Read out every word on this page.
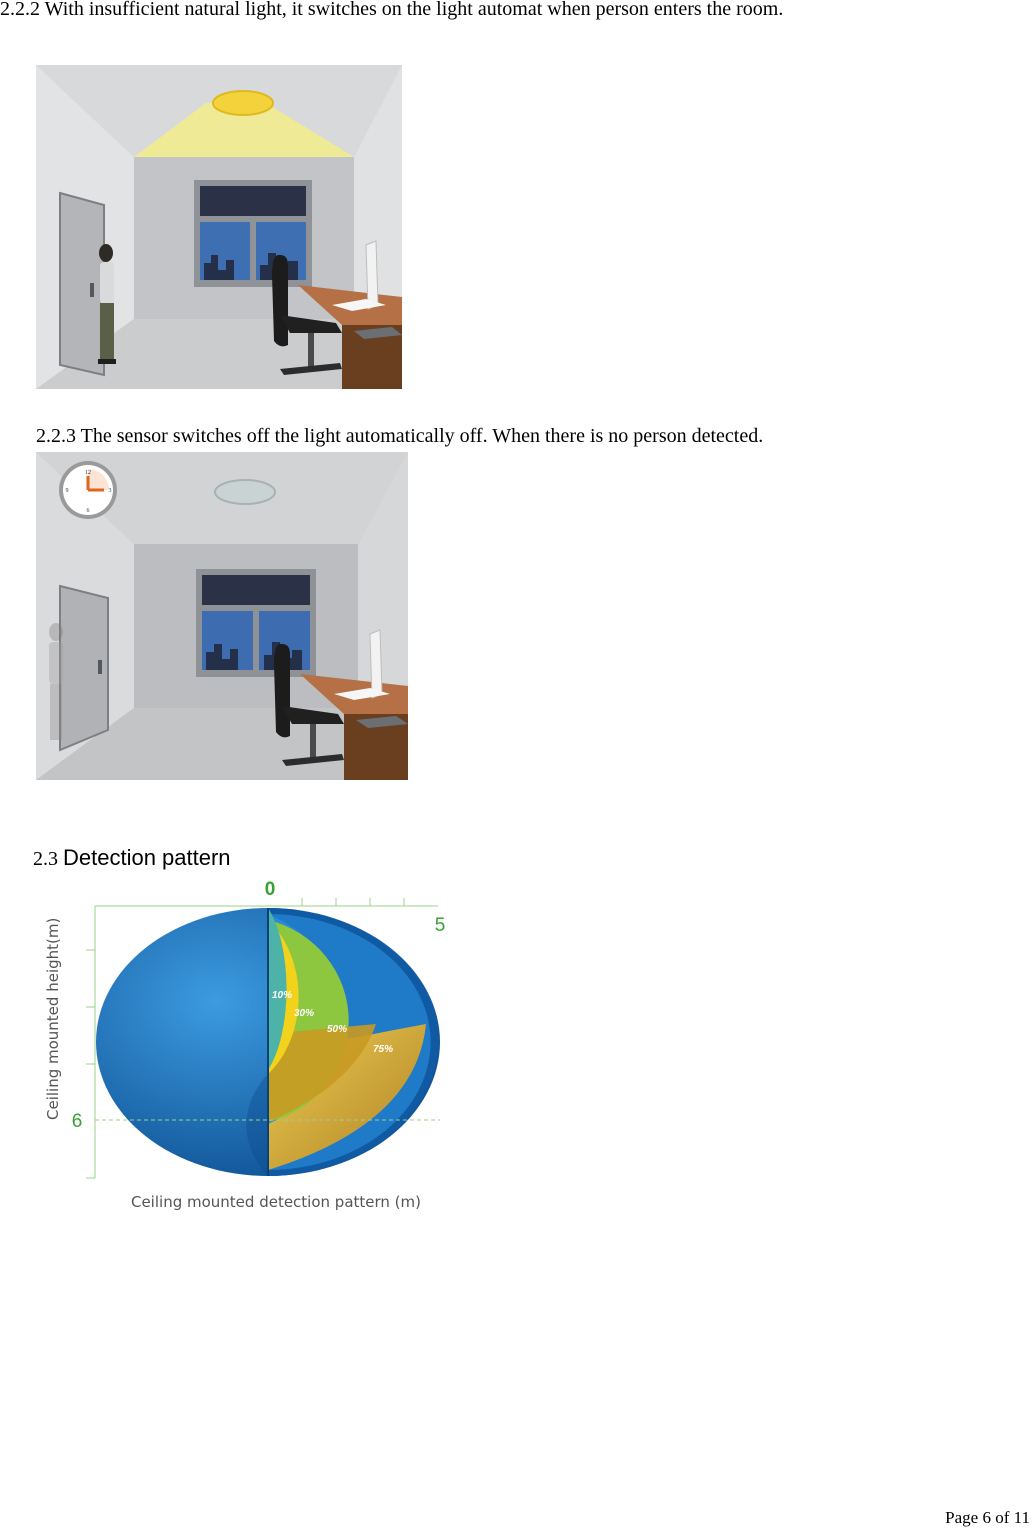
2.2.2 With insufficient natural light, it switches on the light automat when person enters the room.
2.2.3 The sensor switches off the light automatically off. When there is no person detected.
12
3
6
9
2.3 Detection pattern
10%
30%
50%
75%
0
5
6
Ceiling mounted height(m)
Ceiling mounted detection pattern (m)
Page 6 of 11
